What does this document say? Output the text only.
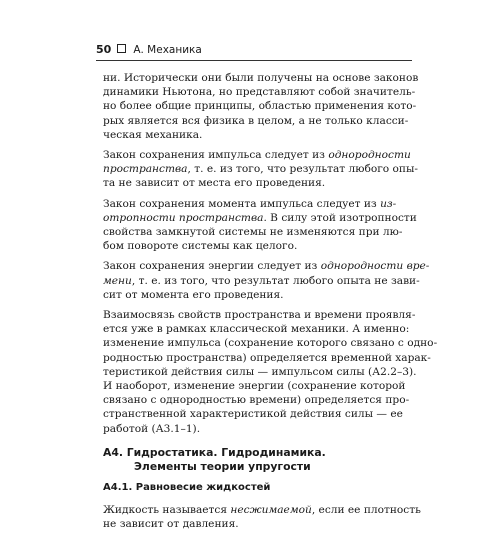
50 А. Механика

ни. Исторически они были получены на основе законов
динамики Ньютона, но представляют собой значитель-
но более общие принципы, областью применения кото-
рых является вся физика в целом, а не только класси-
ческая механика.

Закон сохранения импульса следует из однородности
пространства, т. е. из того, что результат любого опы-
та не зависит от места его проведения.

Закон сохранения момента импульса следует из из-
отропности пространства. В силу этой изотропности
свойства замкнутой системы не изменяются при лю-
бом повороте системы как целого.

Закон сохранения энергии следует из однородности вре-
мени, т. е. из того, что результат любого опыта не зави-
сит от момента его проведения.

Взаимосвязь свойств пространства и времени проявля-
ется уже в рамках классической механики. А именно:
изменение импульса (сохранение которого связано с одно-
родностью пространства) определяется временной харак-
теристикой действия силы — импульсом силы (А2.2–3).
И наоборот, изменение энергии (сохранение которой
связано с однородностью времени) определяется про-
странственной характеристикой действия силы — ее
работой (А3.1–1).

А4. Гидростатика. Гидродинамика.
Элементы теории упругости
А4.1. Равновесие жидкостей

Жидкость называется несжимаемой, если ее плотность
не зависит от давления.
